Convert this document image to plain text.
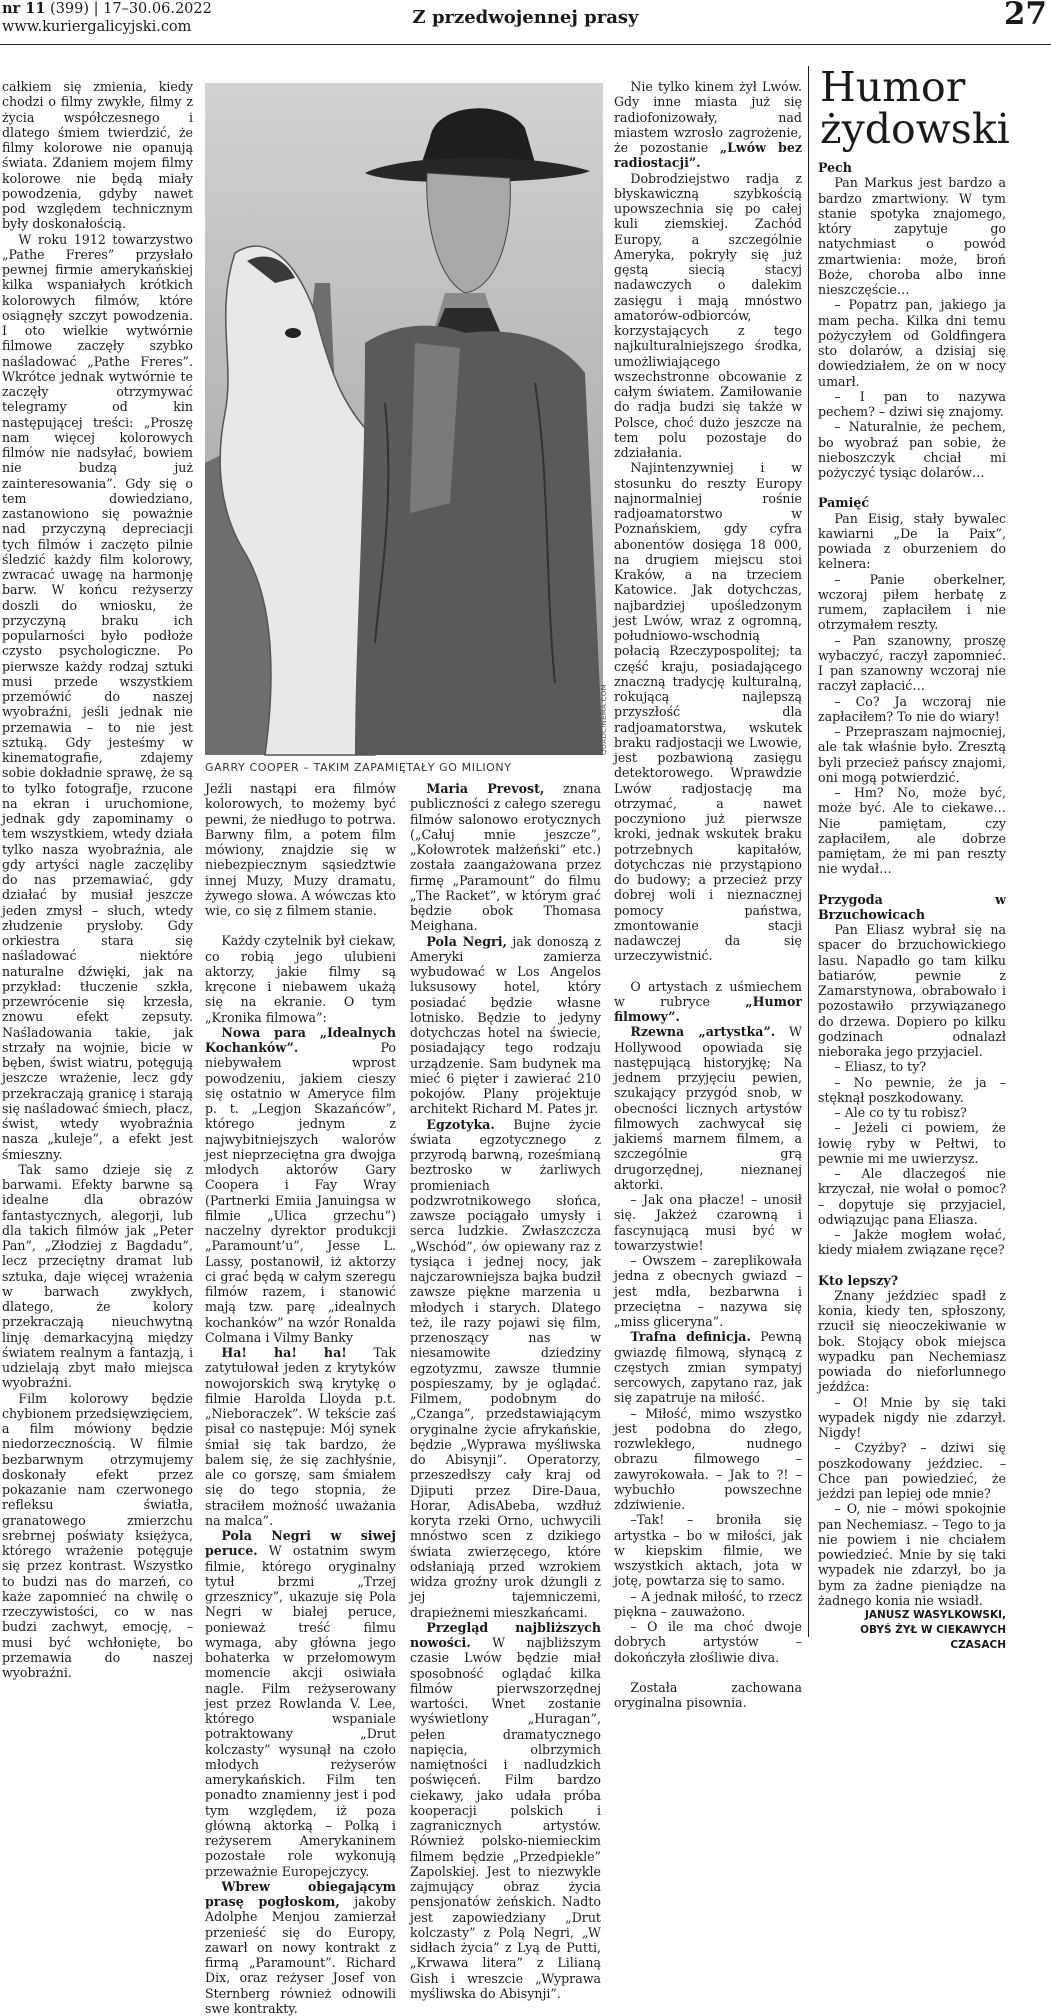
nr 11 (399) | 17–30.06.2022
www.kuriergalicyjski.com	Z przedwojennej prasy	27

całkiem się zmienia, kiedy chodzi o filmy zwykłe, filmy z życia współczesnego i dlatego śmiem twierdzić, że filmy kolorowe nie opanują świata. Zdaniem mojem filmy kolorowe nie będą miały powodzenia, gdyby nawet pod względem technicznym były doskonałością.

W roku 1912 towarzystwo „Pathe Freres” przysłało pewnej firmie amerykańskiej kilka wspaniałych krótkich kolorowych filmów, które osiągnęły szczyt powodzenia. I oto wielkie wytwórnie filmowe zaczęły szybko naśladować „Pathe Freres”. Wkrótce jednak wytwórnie te zaczęły otrzymywać telegramy od kin następującej treści: „Proszę nam więcej kolorowych filmów nie nadsyłać, bowiem nie budzą już zainteresowania”. Gdy się o tem dowiedziano, zastanowiono się poważnie nad przyczyną depreciacji tych filmów i zaczęto pilnie śledzić każdy film kolorowy, zwracać uwagę na harmonję barw. W końcu reżyserzy doszli do wniosku, że przyczyną braku ich popularności było podłoże czysto psychologiczne. Po pierwsze każdy rodzaj sztuki musi przede wszystkiem przemówić do naszej wyobraźni, jeśli jednak nie przemawia – to nie jest sztuką. Gdy jesteśmy w kinematografie, zdajemy sobie dokładnie sprawę, że są to tylko fotografje, rzucone na ekran i uruchomione, jednak gdy zapominamy o tem wszystkiem, wtedy działa tylko nasza wyobraźnia, ale gdy artyści nagle zaczęliby do nas przemawiać, gdy działać by musiał jeszcze jeden zmysł – słuch, wtedy złudzenie prysłoby. Gdy orkiestra stara się naśladować niektóre naturalne dźwięki, jak na przykład: tłuczenie szkła, przewrócenie się krzesła, znowu efekt zepsuty. Naśladowania takie, jak strzały na wojnie, bicie w bęben, świst wiatru, potęgują jeszcze wrażenie, lecz gdy przekraczają granicę i starają się naśladować śmiech, płacz, świst, wtedy wyobraźnia nasza „kuleje”, a efekt jest śmieszny.

Tak samo dzieje się z barwami. Efekty barwne są idealne dla obrazów fantastycznych, alegorji, lub dla takich filmów jak „Peter Pan”, „Złodziej z Bagdadu”, lecz przeciętny dramat lub sztuka, daje więcej wrażenia w barwach zwykłych, dlatego, że kolory przekraczają nieuchwytną linję demarkacyjną między światem realnym a fantazją, i udzielają zbyt mało miejsca wyobraźni.

Film kolorowy będzie chybionem przedsięwzięciem, a film mówiony będzie niedorzecznością. W filmie bezbarwnym otrzymujemy doskonały efekt przez pokazanie nam czerwonego refleksu światła, granatowego zmierzchu srebrnej poświaty księżyca, którego wrażenie potęguje się przez kontrast. Wszystko to budzi nas do marzeń, co każe zapomnieć na chwilę o rzeczywistości, co w nas budzi zachwyt, emocję, – musi być wchłonięte, bo przemawia do naszej wyobraźni.

QUADCINEMA.COM
GARRY COOPER – TAKIM ZAPAMIĘTAŁY GO MILIONY

Jeźli nastąpi era filmów kolorowych, to możemy być pewni, że niedługo to potrwa. Barwny film, a potem film mówiony, znajdzie się w niebezpiecznym sąsiedztwie innej Muzy, Muzy dramatu, żywego słowa. A wówczas kto wie, co się z filmem stanie.

Każdy czytelnik był ciekaw, co robią jego ulubieni aktorzy, jakie filmy są kręcone i niebawem ukażą się na ekranie. O tym „Kronika filmowa”:

Nowa para „Idealnych Kochanków”. Po niebywałem wprost powodzeniu, jakiem cieszy się ostatnio w Ameryce film p. t. „Legjon Skazańców”, którego jednym z najwybitniejszych walorów jest nieprzeciętna gra dwojga młodych aktorów Gary Coopera i Fay Wray (Partnerki Emiia Januingsa w filmie „Ulica grzechu”) naczelny dyrektor produkcji „Paramount’u”, Jesse L. Lassy, postanowił, iż aktorzy ci grać będą w całym szeregu filmów razem, i stanowić mają tzw. parę „idealnych kochanków” na wzór Ronalda Colmana i Vilmy Banky

Ha! ha! ha! Tak zatytułował jeden z krytyków nowojorskich swą krytykę o filmie Harolda Lloyda p.t. „Nieboraczek”. W tekście zaś pisał co następuje: Mój synek śmiał się tak bardzo, że balem się, że się zachłyśnie, ale co gorszę, sam śmiałem się do tego stopnia, że straciłem możność uważania na malca”.

Pola Negri w siwej peruce. W ostatnim swym filmie, którego oryginalny tytuł brzmi „Trzej grzesznicy”, ukazuje się Pola Negri w białej peruce, ponieważ treść filmu wymaga, aby główna jego bohaterka w przełomowym momencie akcji osiwiała nagle. Film reżyserowany jest przez Rowlanda V. Lee, którego wspaniale potraktowany „Drut kolczasty” wysunął na czoło młodych reżyserów amerykańskich. Film ten ponadto znamienny jest i pod tym względem, iż poza główną aktorką – Polką i reżyserem Amerykaninem pozostałe role wykonują przeważnie Europejczycy.

Wbrew obiegającym prasę pogłoskom, jakoby Adolphe Menjou zamierzał przenieść się do Europy, zawarł on nowy kontrakt z firmą „Paramount”. Richard Dix, oraz reżyser Josef von Sternberg również odnowili swe kontrakty.

Maria Prevost, znana publiczności z całego szeregu filmów salonowo erotycznych („Całuj mnie jeszcze”, „Kołowrotek małżeński” etc.) została zaangażowana przez firmę „Paramount” do filmu „The Racket”, w którym grać będzie obok Thomasa Meighana.

Pola Negri, jak donoszą z Ameryki zamierza wybudować w Los Angelos luksusowy hotel, który posiadać będzie własne lotnisko. Będzie to jedyny dotychczas hotel na świecie, posiadający tego rodzaju urządzenie. Sam budynek ma mieć 6 pięter i zawierać 210 pokojów. Plany projektuje architekt Richard M. Pates jr.

Egzotyka. Bujne życie świata egzotycznego z przyrodą barwną, roześmianą beztrosko w żarliwych promieniach podzwrotnikowego słońca, zawsze pociągało umysły i serca ludzkie. Zwłaszczcza „Wschód”, ów opiewany raz z tysiąca i jednej nocy, jak najczarowniejsza bajka budził zawsze piękne marzenia u młodych i starych. Dlatego też, ile razy pojawi się film, przenoszący nas w niesamowite dziedziny egzotyzmu, zawsze tłumnie pospieszamy, by je oglądać. Filmem, podobnym do „Czanga”, przedstawiającym oryginalne życie afrykańskie, będzie „Wyprawa myśliwska do Abisynji”. Operatorzy, przeszedłszy cały kraj od Djiputi przez Dire-Daua, Horar, AdisAbeba, wzdłuż koryta rzeki Orno, uchwycili mnóstwo scen z dzikiego świata zwierzęcego, które odsłaniają przed wzrokiem widza groźny urok dżungli z jej tajemniczemi, drapieżnemi mieszkańcami.

Przegląd najbliższych nowości. W najbliższym czasie Lwów będzie miał sposobność oglądać kilka filmów pierwszorzędnej wartości. Wnet zostanie wyświetlony „Huragan”, pełen dramatycznego napięcia, olbrzymich namiętności i nadludzkich poświęceń. Film bardzo ciekawy, jako udała próba kooperacji polskich i zagranicznych artystów. Również polsko-niemieckim filmem będzie „Przedpiekle” Zapolskiej. Jest to niezwykle zajmujący obraz życia pensjonatów żeńskich. Nadto jest zapowiedziany „Drut kolczasty” z Polą Negri, „W sidłach życia” z Lyą de Putti, „Krwawa litera” z Lilianą Gish i wreszcie „Wyprawa myśliwska do Abisynji”.

Nie tylko kinem żył Lwów. Gdy inne miasta już się radiofonizowały, nad miastem wzrosło zagrożenie, że pozostanie „Lwów bez radiostacji”.

Dobrodziejstwo radja z błyskawiczną szybkością upowszechnia się po całej kuli ziemskiej. Zachód Europy, a szczególnie Ameryka, pokryły się już gęstą siecią stacyj nadawczych o dalekim zasięgu i mają mnóstwo amatorów-odbiorców, korzystających z tego najkulturalniejszego środka, umożliwiającego wszechstronne obcowanie z całym światem. Zamiłowanie do radja budzi się także w Polsce, choć dużo jeszcze na tem polu pozostaje do zdziałania.

Najintenzywniej i w stosunku do reszty Europy najnormalniej rośnie radjoamatorstwo w Poznańskiem, gdy cyfra abonentów dosięga 18 000, na drugiem miejscu stoi Kraków, a na trzeciem Katowice. Jak dotychczas, najbardziej upośledzonym jest Lwów, wraz z ogromną, południowo-wschodnią połacią Rzeczypospolitej; ta część kraju, posiadającego znaczną tradycję kulturalną, rokującą najlepszą przyszłość dla radjoamatorstwa, wskutek braku radjostacji we Lwowie, jest pozbawioną zasięgu detektorowego. Wprawdzie Lwów radjostację ma otrzymać, a nawet poczyniono już pierwsze kroki, jednak wskutek braku potrzebnych kapitałów, dotychczas nie przystąpiono do budowy; a przecież przy dobrej woli i nieznacznej pomocy państwa, zmontowanie stacji nadawczej da się urzeczywistnić.

O artystach z uśmiechem w rubryce „Humor filmowy”.

Rzewna „artystka”. W Hollywood opowiada się następującą historyjkę; Na jednem przyjęciu pewien, szukający przygód snob, w obecności licznych artystów filmowych zachwycał się jakiemś marnem filmem, a szczególnie grą drugorzędnej, nieznanej aktorki.

– Jak ona płacze! – unosił się. Jakżeż czarowną i fascynującą musi być w towarzystwie!

– Owszem – zareplikowała jedna z obecnych gwiazd – jest mdła, bezbarwna i przeciętna – nazywa się „miss gliceryna”.

Trafna definicja. Pewną gwiazdę filmową, słynącą z częstych zmian sympatyj sercowych, zapytano raz, jak się zapatruje na miłość.

– Miłość, mimo wszystko jest podobna do złego, rozwlekłego, nudnego obrazu filmowego – zawyrokowała. – Jak to ?! – wybuchło powszechne zdziwienie.

–Tak! – broniła się artystka – bo w miłości, jak w kiepskim filmie, we wszystkich aktach, jota w jotę, powtarza się to samo.

– A jednak miłość, to rzecz piękna – zauważono.

– O ile ma choć dwoje dobrych artystów – dokończyła złośliwie diva.

Została zachowana oryginalna pisownia.

Humor żydowski
Pech

Pan Markus jest bardzo a bardzo zmartwiony. W tym stanie spotyka znajomego, który zapytuje go natychmiast o powód zmartwienia: może, broń Boże, choroba albo inne nieszczęście…

– Popatrz pan, jakiego ja mam pecha. Kilka dni temu pożyczyłem od Goldfingera sto dolarów, a dzisiaj się dowiedziałem, że on w nocy umarł.

– I pan to nazywa pechem? – dziwi się znajomy.

– Naturalnie, że pechem, bo wyobraź pan sobie, że nieboszczyk chciał mi pożyczyć tysiąc dolarów…

Pamięć

Pan Eisig, stały bywalec kawiarni „De la Paix”, powiada z oburzeniem do kelnera:

– Panie oberkelner, wczoraj piłem herbatę z rumem, zapłaciłem i nie otrzymałem reszty.

– Pan szanowny, proszę wybaczyć, raczył zapomnieć. I pan szanowny wczoraj nie raczył zapłacić…

– Co? Ja wczoraj nie zapłaciłem? To nie do wiary!

– Przepraszam najmocniej, ale tak właśnie było. Zresztą byli przecież pańscy znajomi, oni mogą potwierdzić.

– Hm? No, może być, może być. Ale to ciekawe… Nie pamiętam, czy zapłaciłem, ale dobrze pamiętam, że mi pan reszty nie wydał…

Przygoda w Brzuchowicach

Pan Eliasz wybrał się na spacer do brzuchowickiego lasu. Napadło go tam kilku batiarów, pewnie z Zamarstynowa, obrabowało i pozostawiło przywiązanego do drzewa. Dopiero po kilku godzinach odnalazł nieboraka jego przyjaciel.

– Eliasz, to ty?

– No pewnie, że ja – stęknął poszkodowany.

– Ale co ty tu robisz?

– Jeżeli ci powiem, że łowię ryby w Pełtwi, to pewnie mi me uwierzysz.

– Ale dlaczegoś nie krzyczał, nie wołał o pomoc? – dopytuje się przyjaciel, odwiązując pana Eliasza.

– Jakże mogłem wołać, kiedy miałem związane ręce?

Kto lepszy?

Znany jeździec spadł z konia, kiedy ten, spłoszony, rzucił się nieoczekiwanie w bok. Stojący obok miejsca wypadku pan Nechemiasz powiada do nieforlunnego jeźdźca:

– O! Mnie by się taki wypadek nigdy nie zdarzył. Nigdy!

– Czyżby? – dziwi się poszkodowany jeździec. – Chce pan powiedzieć, że jeździ pan lepiej ode mnie?

– O, nie – mówi spokojnie pan Nechemiasz. – Tego to ja nie powiem i nie chciałem powiedzieć. Mnie by się taki wypadek nie zdarzył, bo ja bym za żadne pieniądze na żadnego konia nie wsiadł.

JANUSZ WASYLKOWSKI,
OBYŚ ŻYŁ W CIEKAWYCH CZASACH
